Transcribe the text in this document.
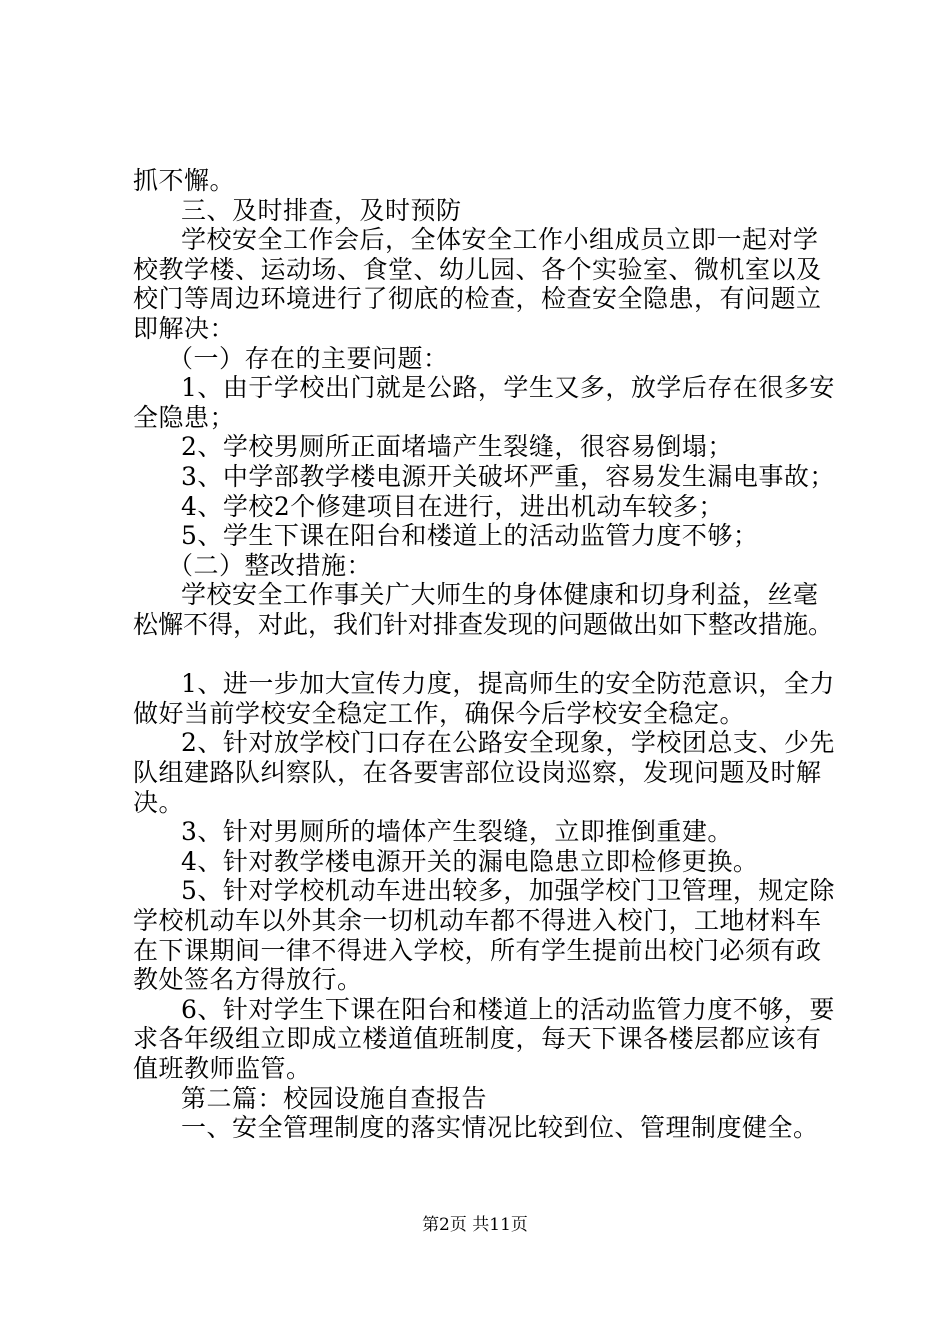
抓不懈。
三、及时排查，及时预防
学校安全工作会后，全体安全工作小组成员立即一起对学
校教学楼、运动场、食堂、幼儿园、各个实验室、微机室以及
校门等周边环境进行了彻底的检查，检查安全隐患，有问题立
即解决：
（一）存在的主要问题：
1、由于学校出门就是公路，学生又多，放学后存在很多安
全隐患；
2、学校男厕所正面堵墙产生裂缝，很容易倒塌；
3、中学部教学楼电源开关破坏严重，容易发生漏电事故；
4、学校2个修建项目在进行，进出机动车较多；
5、学生下课在阳台和楼道上的活动监管力度不够；
（二）整改措施：
学校安全工作事关广大师生的身体健康和切身利益，丝毫
松懈不得，对此，我们针对排查发现的问题做出如下整改措施。
1、进一步加大宣传力度，提高师生的安全防范意识，全力
做好当前学校安全稳定工作，确保今后学校安全稳定。
2、针对放学校门口存在公路安全现象，学校团总支、少先
队组建路队纠察队，在各要害部位设岗巡察，发现问题及时解
决。
3、针对男厕所的墙体产生裂缝，立即推倒重建。
4、针对教学楼电源开关的漏电隐患立即检修更换。
5、针对学校机动车进出较多，加强学校门卫管理，规定除
学校机动车以外其余一切机动车都不得进入校门，工地材料车
在下课期间一律不得进入学校，所有学生提前出校门必须有政
教处签名方得放行。
6、针对学生下课在阳台和楼道上的活动监管力度不够，要
求各年级组立即成立楼道值班制度，每天下课各楼层都应该有
值班教师监管。
第二篇：校园设施自查报告
一、安全管理制度的落实情况比较到位、管理制度健全。
第2页 共11页
